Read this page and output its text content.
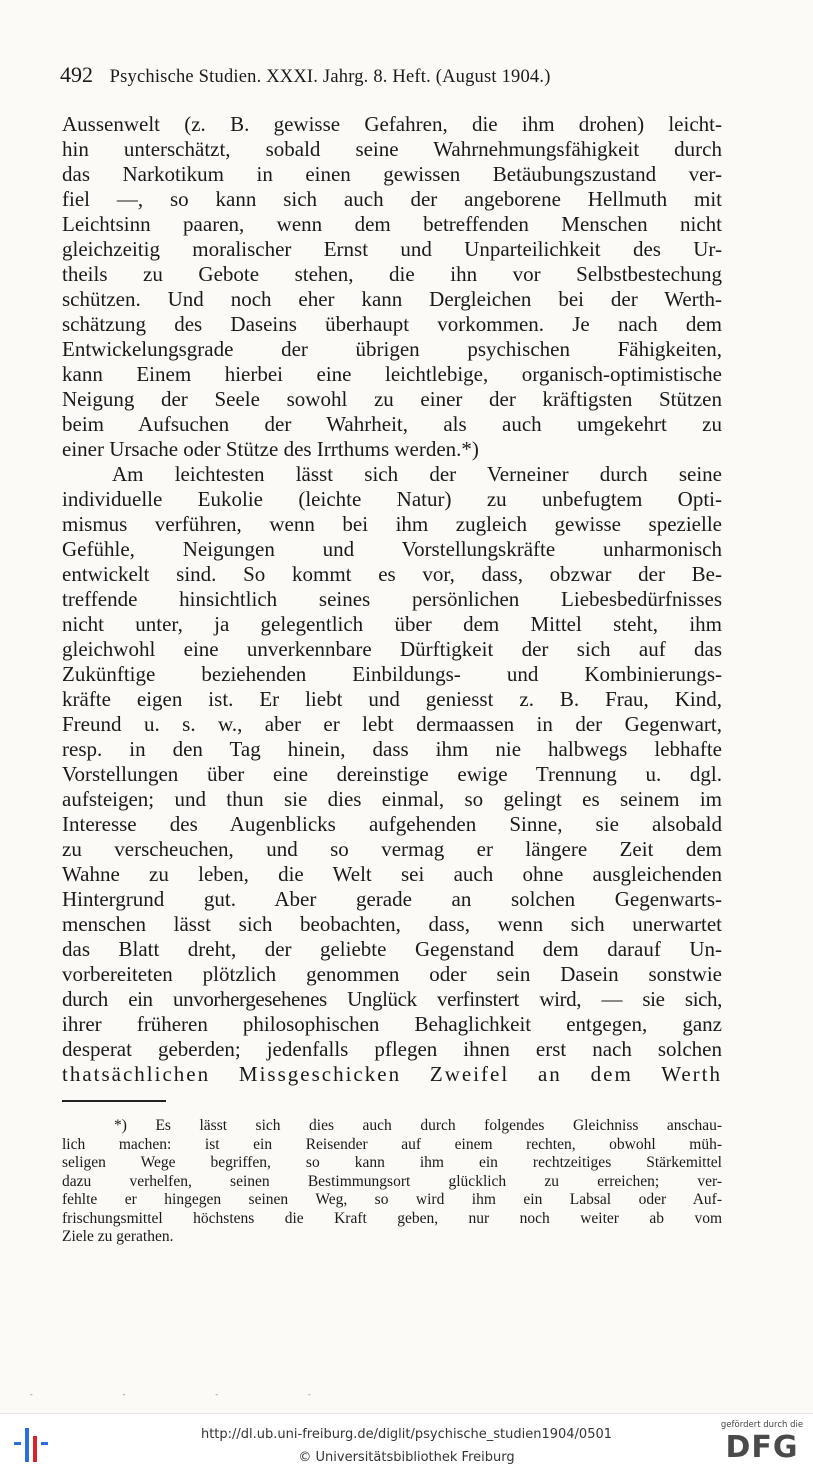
492 Psychische Studien. XXXI. Jahrg. 8. Heft. (August 1904.)
Aussenwelt (z. B. gewisse Gefahren, die ihm drohen) leicht-
hin unterschätzt, sobald seine Wahrnehmungsfähigkeit durch
das Narkotikum in einen gewissen Betäubungszustand ver-
fiel —, so kann sich auch der angeborene Hellmuth mit
Leichtsinn paaren, wenn dem betreffenden Menschen nicht
gleichzeitig moralischer Ernst und Unparteilichkeit des Ur-
theils zu Gebote stehen, die ihn vor Selbstbestechung
schützen. Und noch eher kann Dergleichen bei der Werth-
schätzung des Daseins überhaupt vorkommen. Je nach dem
Entwickelungsgrade der übrigen psychischen Fähigkeiten,
kann Einem hierbei eine leichtlebige, organisch-optimistische
Neigung der Seele sowohl zu einer der kräftigsten Stützen
beim Aufsuchen der Wahrheit, als auch umgekehrt zu
einer Ursache oder Stütze des Irrthums werden.*)
Am leichtesten lässt sich der Verneiner durch seine
individuelle Eukolie (leichte Natur) zu unbefugtem Opti-
mismus verführen, wenn bei ihm zugleich gewisse spezielle
Gefühle, Neigungen und Vorstellungskräfte unharmonisch
entwickelt sind. So kommt es vor, dass, obzwar der Be-
treffende hinsichtlich seines persönlichen Liebesbedürfnisses
nicht unter, ja gelegentlich über dem Mittel steht, ihm
gleichwohl eine unverkennbare Dürftigkeit der sich auf das
Zukünftige beziehenden Einbildungs- und Kombinierungs-
kräfte eigen ist. Er liebt und geniesst z. B. Frau, Kind,
Freund u. s. w., aber er lebt dermaassen in der Gegenwart,
resp. in den Tag hinein, dass ihm nie halbwegs lebhafte
Vorstellungen über eine dereinstige ewige Trennung u. dgl.
aufsteigen; und thun sie dies einmal, so gelingt es seinem im
Interesse des Augenblicks aufgehenden Sinne, sie alsobald
zu verscheuchen, und so vermag er längere Zeit dem
Wahne zu leben, die Welt sei auch ohne ausgleichenden
Hintergrund gut. Aber gerade an solchen Gegenwarts-
menschen lässt sich beobachten, dass, wenn sich unerwartet
das Blatt dreht, der geliebte Gegenstand dem darauf Un-
vorbereiteten plötzlich genommen oder sein Dasein sonstwie
durch ein unvorhergesehenes Unglück verfinstert wird, — sie sich,
ihrer früheren philosophischen Behaglichkeit entgegen, ganz
desperat geberden; jedenfalls pflegen ihnen erst nach solchen
thatsächlichen Missgeschicken Zweifel an dem Werth
*) Es lässt sich dies auch durch folgendes Gleichniss anschau-
lich machen: ist ein Reisender auf einem rechten, obwohl müh-
seligen Wege begriffen, so kann ihm ein rechtzeitiges Stärkemittel
dazu verhelfen, seinen Bestimmungsort glücklich zu erreichen; ver-
fehlte er hingegen seinen Weg, so wird ihm ein Labsal oder Auf-
frischungsmittel höchstens die Kraft geben, nur noch weiter ab vom
Ziele zu gerathen.
- - - -
http://dl.ub.uni-freiburg.de/diglit/psychische_studien1904/0501
© Universitätsbibliothek Freiburg
gefördert durch die
DFG
